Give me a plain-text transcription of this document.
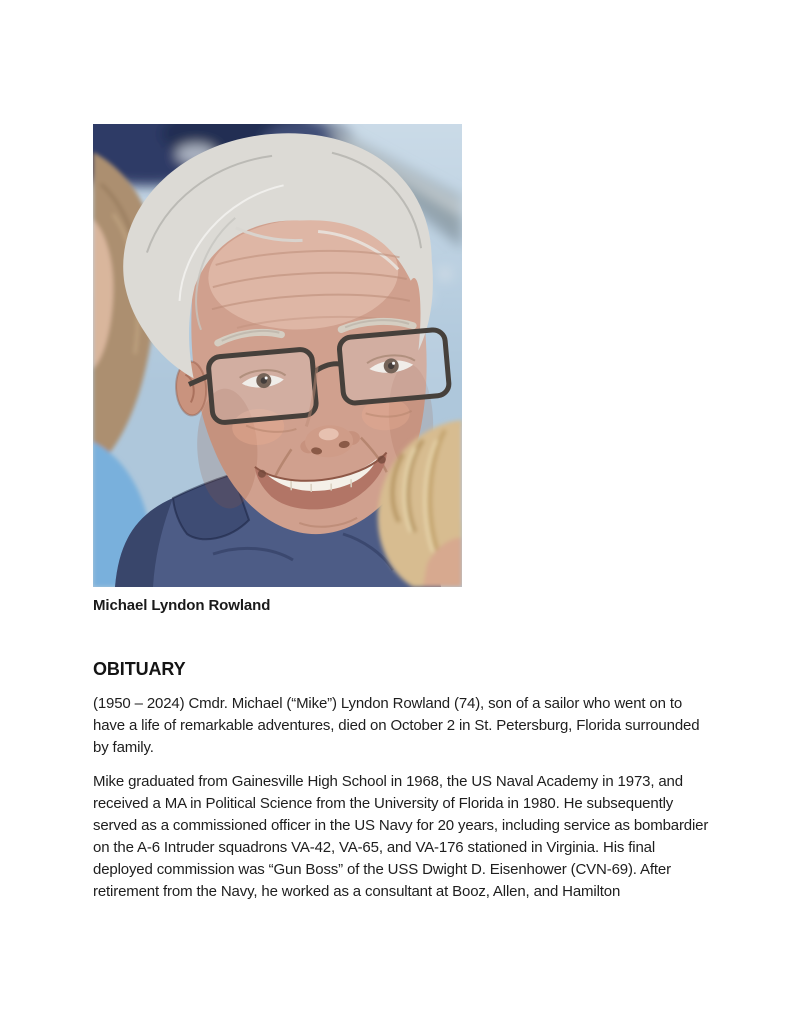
Michael Lyndon Rowland

OBITUARY

(1950 – 2024) Cmdr. Michael (“Mike”) Lyndon Rowland (74), son of a sailor who went on to have a life of remarkable adventures, died on October 2 in St. Petersburg, Florida surrounded by family.

Mike graduated from Gainesville High School in 1968, the US Naval Academy in 1973, and received a MA in Political Science from the University of Florida in 1980. He subsequently served as a commissioned officer in the US Navy for 20 years, including service as bombardier on the A-6 Intruder squadrons VA-42, VA-65, and VA-176 stationed in Virginia. His final deployed commission was “Gun Boss” of the USS Dwight D. Eisenhower (CVN-69). After retirement from the Navy, he worked as a consultant at Booz, Allen, and Hamilton
